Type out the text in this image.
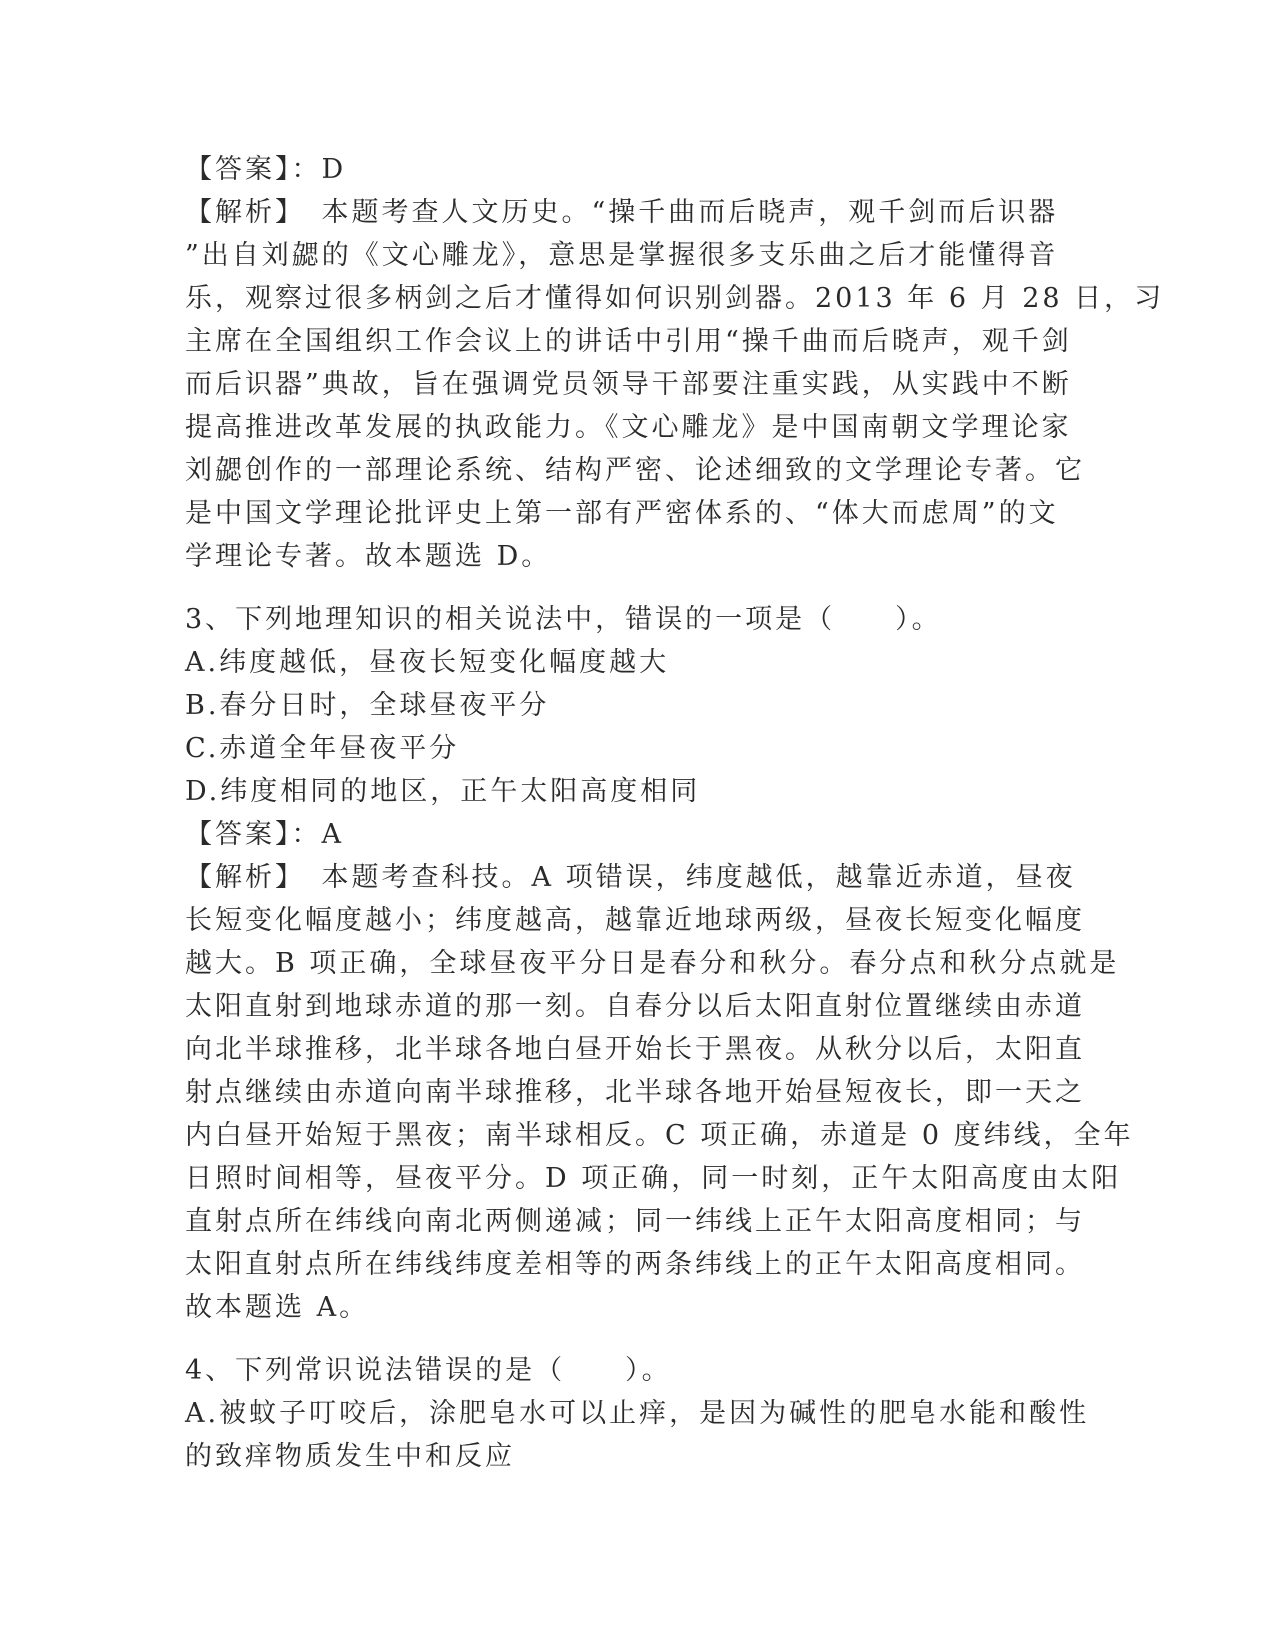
【答案】：D
【解析】　本题考查人文历史。“操千曲而后晓声，观千剑而后识器
”出自刘勰的《文心雕龙》，意思是掌握很多支乐曲之后才能懂得音
乐，观察过很多柄剑之后才懂得如何识别剑器。2013 年 6 月 28 日，习
主席在全国组织工作会议上的讲话中引用“操千曲而后晓声，观千剑
而后识器”典故，旨在强调党员领导干部要注重实践，从实践中不断
提高推进改革发展的执政能力。《文心雕龙》是中国南朝文学理论家
刘勰创作的一部理论系统、结构严密、论述细致的文学理论专著。它
是中国文学理论批评史上第一部有严密体系的、“体大而虑周”的文
学理论专著。故本题选 D。
3、下列地理知识的相关说法中，错误的一项是（　　）。
A.纬度越低，昼夜长短变化幅度越大
B.春分日时，全球昼夜平分
C.赤道全年昼夜平分
D.纬度相同的地区，正午太阳高度相同
【答案】：A
【解析】　本题考查科技。A 项错误，纬度越低，越靠近赤道，昼夜
长短变化幅度越小；纬度越高，越靠近地球两级，昼夜长短变化幅度
越大。B 项正确，全球昼夜平分日是春分和秋分。春分点和秋分点就是
太阳直射到地球赤道的那一刻。自春分以后太阳直射位置继续由赤道
向北半球推移，北半球各地白昼开始长于黑夜。从秋分以后，太阳直
射点继续由赤道向南半球推移，北半球各地开始昼短夜长，即一天之
内白昼开始短于黑夜；南半球相反。C 项正确，赤道是 0 度纬线，全年
日照时间相等，昼夜平分。D 项正确，同一时刻，正午太阳高度由太阳
直射点所在纬线向南北两侧递减；同一纬线上正午太阳高度相同；与
太阳直射点所在纬线纬度差相等的两条纬线上的正午太阳高度相同。
故本题选 A。
4、下列常识说法错误的是（　　）。
A.被蚊子叮咬后，涂肥皂水可以止痒，是因为碱性的肥皂水能和酸性
的致痒物质发生中和反应
